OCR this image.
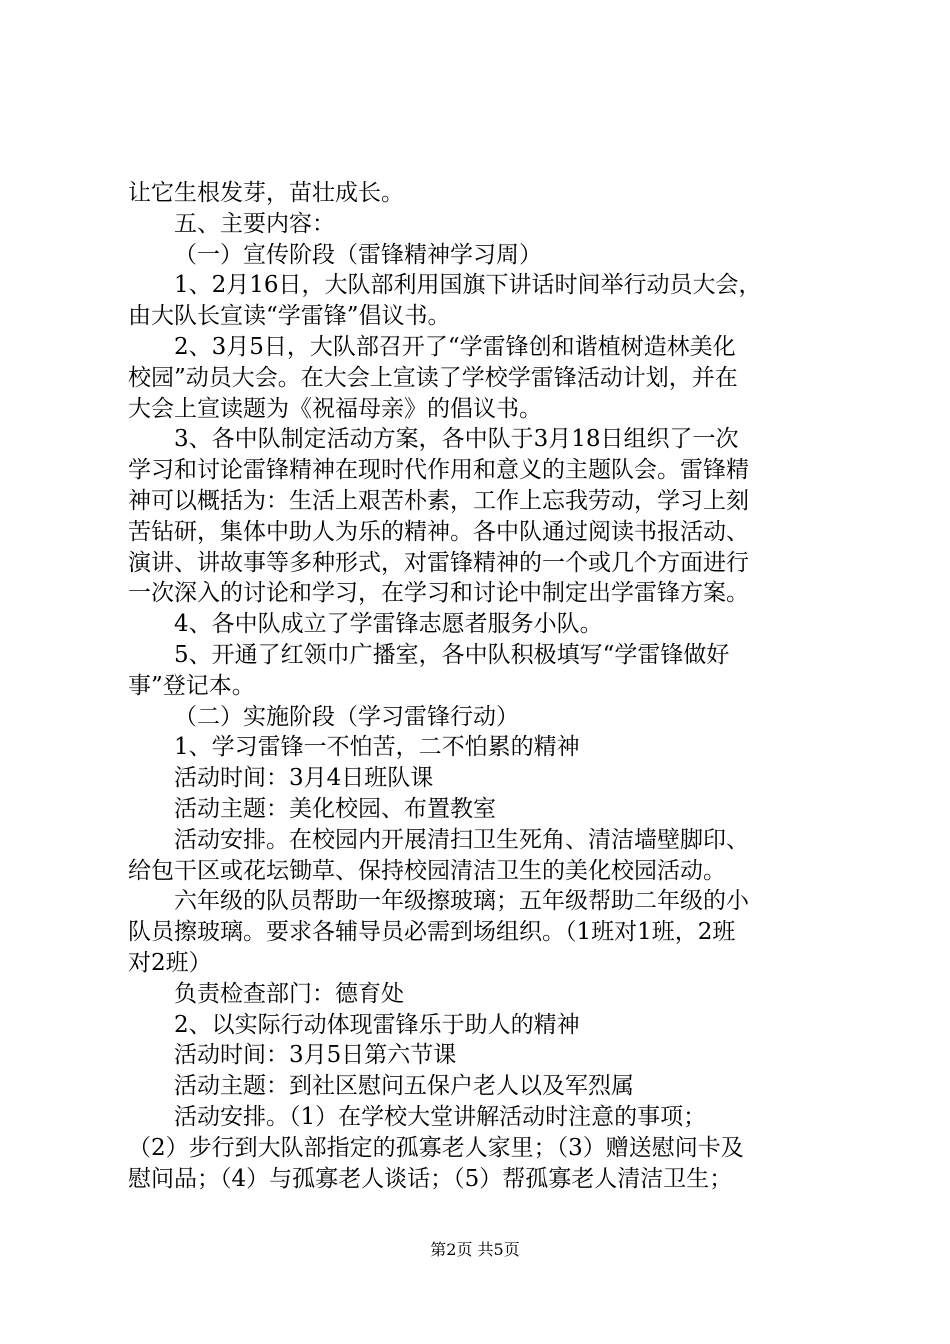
让它生根发芽，苗壮成长。
五、主要内容：
（一）宣传阶段（雷锋精神学习周）
1、2月16日，大队部利用国旗下讲话时间举行动员大会，
由大队长宣读“学雷锋”倡议书。
2、3月5日，大队部召开了“学雷锋创和谐植树造林美化
校园”动员大会。在大会上宣读了学校学雷锋活动计划，并在
大会上宣读题为《祝福母亲》的倡议书。
3、各中队制定活动方案，各中队于3月18日组织了一次
学习和讨论雷锋精神在现时代作用和意义的主题队会。雷锋精
神可以概括为：生活上艰苦朴素，工作上忘我劳动，学习上刻
苦钻研，集体中助人为乐的精神。各中队通过阅读书报活动、
演讲、讲故事等多种形式，对雷锋精神的一个或几个方面进行
一次深入的讨论和学习，在学习和讨论中制定出学雷锋方案。
4、各中队成立了学雷锋志愿者服务小队。
5、开通了红领巾广播室，各中队积极填写“学雷锋做好
事”登记本。
（二）实施阶段（学习雷锋行动）
1、学习雷锋一不怕苦，二不怕累的精神
活动时间：3月4日班队课
活动主题：美化校园、布置教室
活动安排。在校园内开展清扫卫生死角、清洁墙壁脚印、
给包干区或花坛锄草、保持校园清洁卫生的美化校园活动。
六年级的队员帮助一年级擦玻璃；五年级帮助二年级的小
队员擦玻璃。要求各辅导员必需到场组织。（1班对1班，2班
对2班）
负责检查部门：德育处
2、以实际行动体现雷锋乐于助人的精神
活动时间：3月5日第六节课
活动主题：到社区慰问五保户老人以及军烈属
活动安排。（1）在学校大堂讲解活动时注意的事项；
（2）步行到大队部指定的孤寡老人家里；（3）赠送慰问卡及
慰问品；（4）与孤寡老人谈话；（5）帮孤寡老人清洁卫生；
第2页 共5页
